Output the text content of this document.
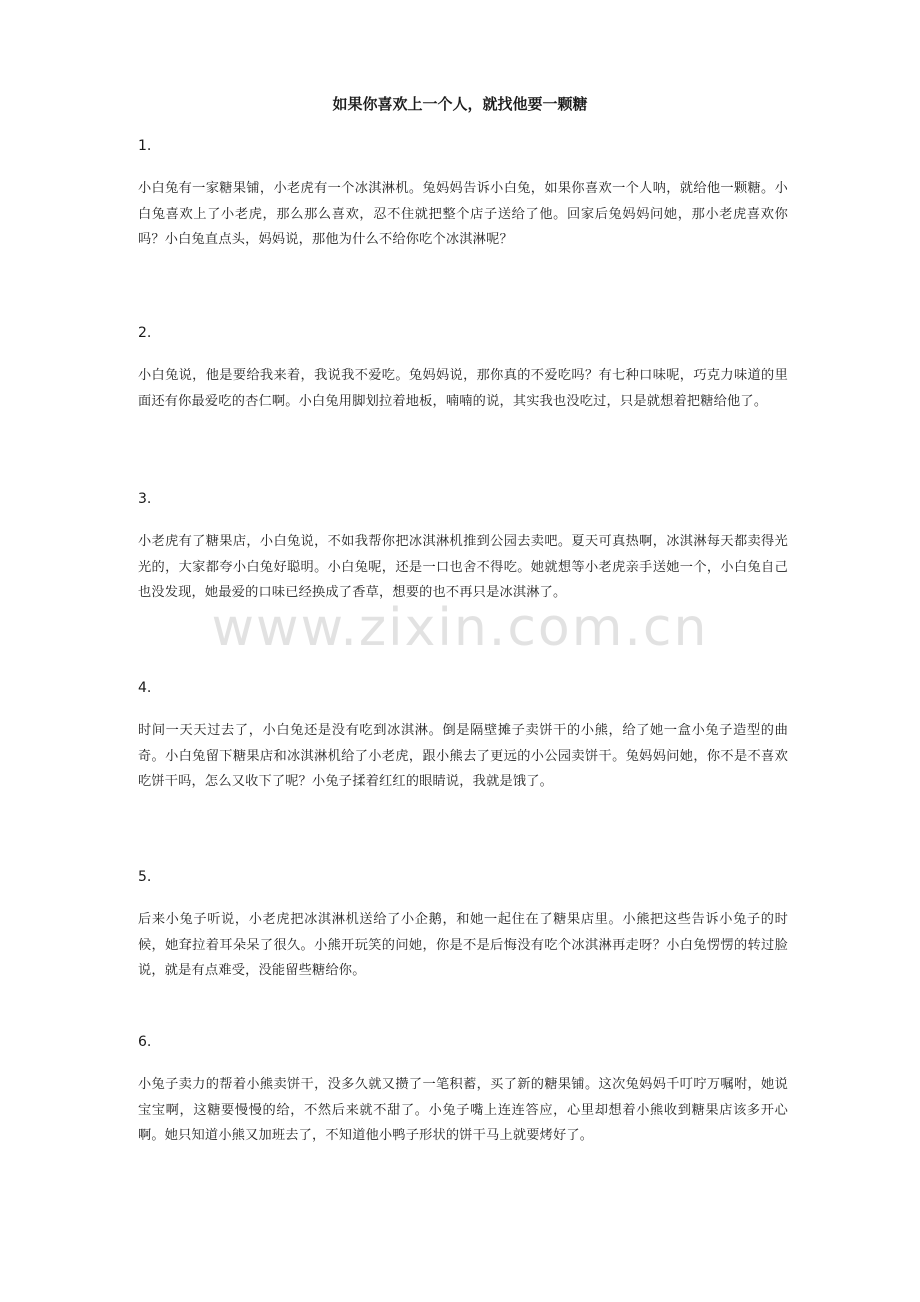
如果你喜欢上一个人，就找他要一颗糖

1.

小白兔有一家糖果铺，小老虎有一个冰淇淋机。兔妈妈告诉小白兔，如果你喜欢一个人呐，就给他一颗糖。小白兔喜欢上了小老虎，那么那么喜欢，忍不住就把整个店子送给了他。回家后兔妈妈问她，那小老虎喜欢你吗？小白兔直点头，妈妈说，那他为什么不给你吃个冰淇淋呢？

2.

小白兔说，他是要给我来着，我说我不爱吃。兔妈妈说，那你真的不爱吃吗？有七种口味呢，巧克力味道的里面还有你最爱吃的杏仁啊。小白兔用脚划拉着地板，喃喃的说，其实我也没吃过，只是就想着把糖给他了。

3.

小老虎有了糖果店，小白兔说，不如我帮你把冰淇淋机推到公园去卖吧。夏天可真热啊，冰淇淋每天都卖得光光的，大家都夸小白兔好聪明。小白兔呢，还是一口也舍不得吃。她就想等小老虎亲手送她一个，小白兔自己也没发现，她最爱的口味已经换成了香草，想要的也不再只是冰淇淋了。

4.

时间一天天过去了，小白兔还是没有吃到冰淇淋。倒是隔壁摊子卖饼干的小熊，给了她一盒小兔子造型的曲奇。小白兔留下糖果店和冰淇淋机给了小老虎，跟小熊去了更远的小公园卖饼干。兔妈妈问她，你不是不喜欢吃饼干吗，怎么又收下了呢？小兔子揉着红红的眼睛说，我就是饿了。

5.

后来小兔子听说，小老虎把冰淇淋机送给了小企鹅，和她一起住在了糖果店里。小熊把这些告诉小兔子的时候，她耷拉着耳朵呆了很久。小熊开玩笑的问她，你是不是后悔没有吃个冰淇淋再走呀？小白兔愣愣的转过脸说，就是有点难受，没能留些糖给你。

6.

小兔子卖力的帮着小熊卖饼干，没多久就又攒了一笔积蓄，买了新的糖果铺。这次兔妈妈千叮咛万嘱咐，她说宝宝啊，这糖要慢慢的给，不然后来就不甜了。小兔子嘴上连连答应，心里却想着小熊收到糖果店该多开心啊。她只知道小熊又加班去了，不知道他小鸭子形状的饼干马上就要烤好了。

www.zixin.com.cn
